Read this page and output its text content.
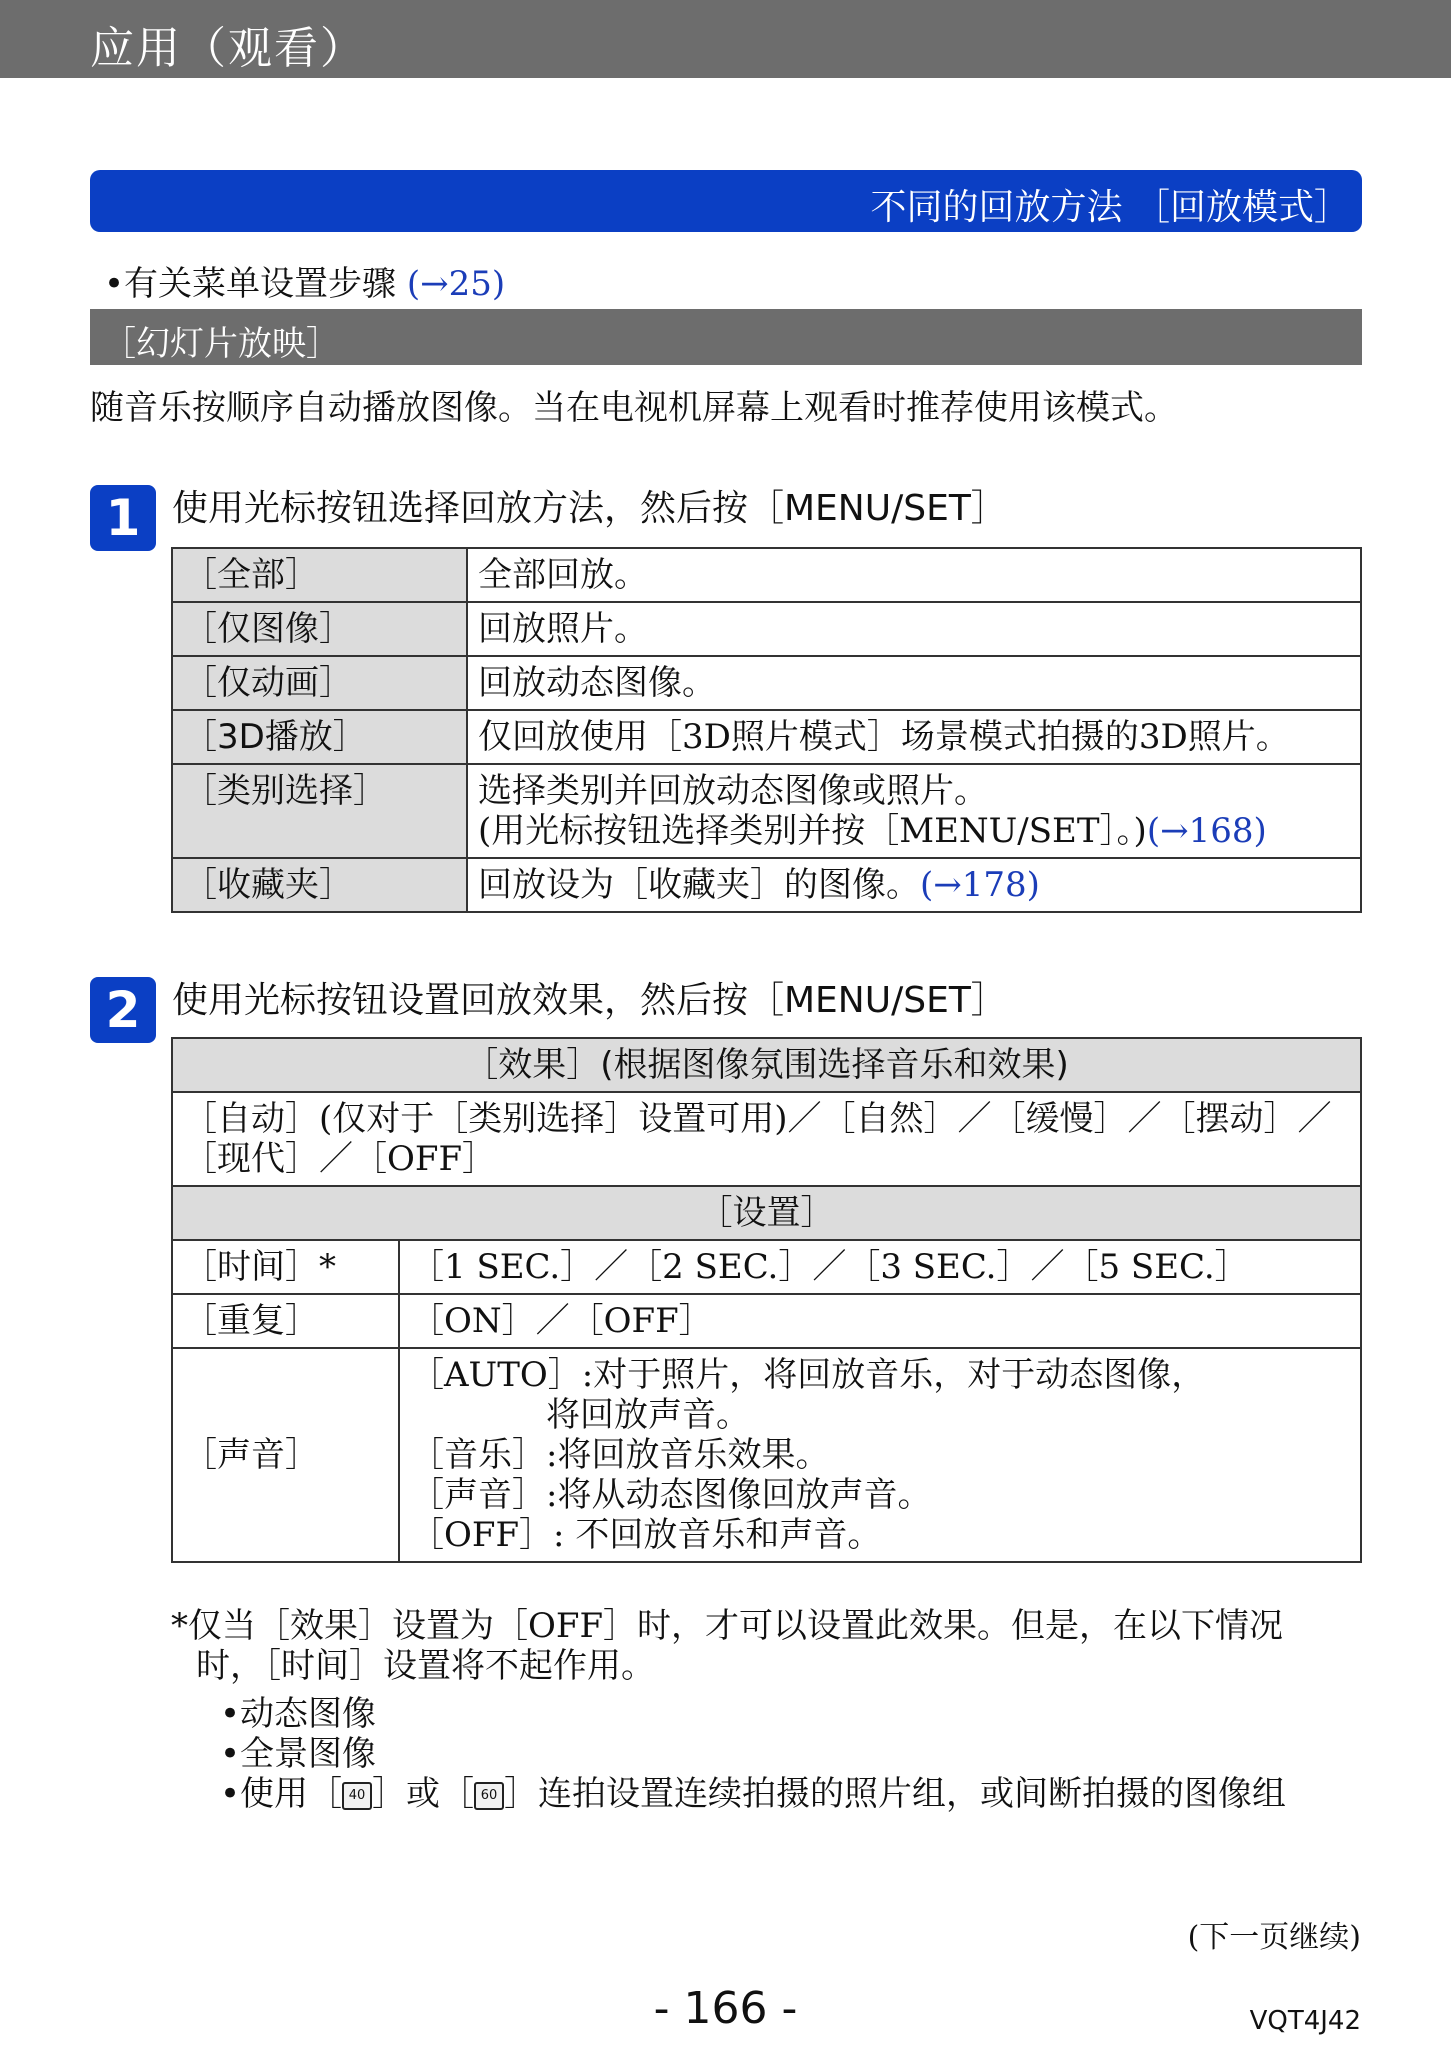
应用（观看）
不同的回放方法 ［回放模式］
•有关菜单设置步骤 (→25)
［幻灯片放映］
随音乐按顺序自动播放图像。当在电视机屏幕上观看时推荐使用该模式。
1 使用光标按钮选择回放方法，然后按［MENU/SET］
［全部］	全部回放。
［仅图像］	回放照片。
［仅动画］	回放动态图像。
［3D播放］	仅回放使用［3D照片模式］场景模式拍摄的3D照片。
［类别选择］	选择类别并回放动态图像或照片。
(用光标按钮选择类别并按［MENU/SET］。)(→168)
［收藏夹］	回放设为［收藏夹］的图像。(→178)
2 使用光标按钮设置回放效果，然后按［MENU/SET］
［效果］(根据图像氛围选择音乐和效果)	

［自动］(仅对于［类别选择］设置可用)／［自然］／［缓慢］／［摆动］／
［现代］／［OFF］	

［设置］	
［时间］*	［1 SEC.］／［2 SEC.］／［3 SEC.］／［5 SEC.］
［重复］	［ON］／［OFF］
［声音］	［AUTO］:对于照片，将回放音乐，对于动态图像，
将回放声音。
［音乐］:将回放音乐效果。
［声音］:将从动态图像回放声音。
［OFF］: 不回放音乐和声音。
*仅当［效果］设置为［OFF］时，才可以设置此效果。但是，在以下情况
时，［时间］设置将不起作用。
•动态图像
•全景图像
•使用［ 40 ］或［ 60 ］连拍设置连续拍摄的照片组，或间断拍摄的图像组
(下一页继续)
- 166 -	VQT4J42
